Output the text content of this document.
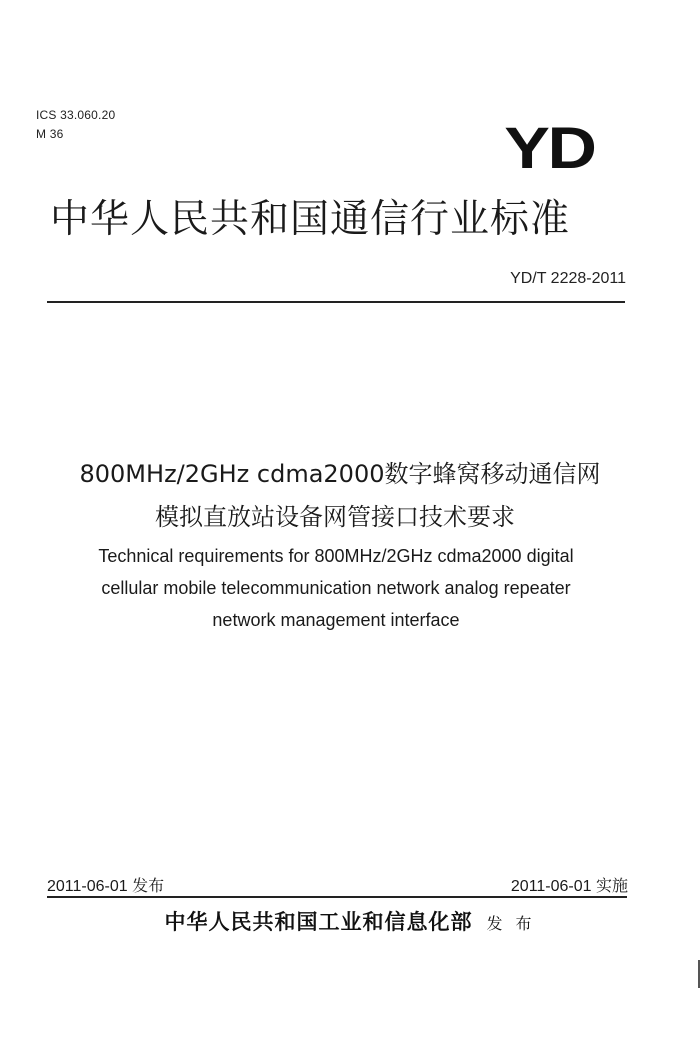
ICS 33.060.20
M 36	YD
中华人民共和国通信行业标准
YD/T 2228-2011
800MHz/2GHz cdma2000数字蜂窝移动通信网
模拟直放站设备网管接口技术要求
Technical requirements for 800MHz/2GHz cdma2000 digital
cellular mobile telecommunication network analog repeater
network management interface
2011-06-01 发布	2011-06-01 实施
中华人民共和国工业和信息化部 发 布
